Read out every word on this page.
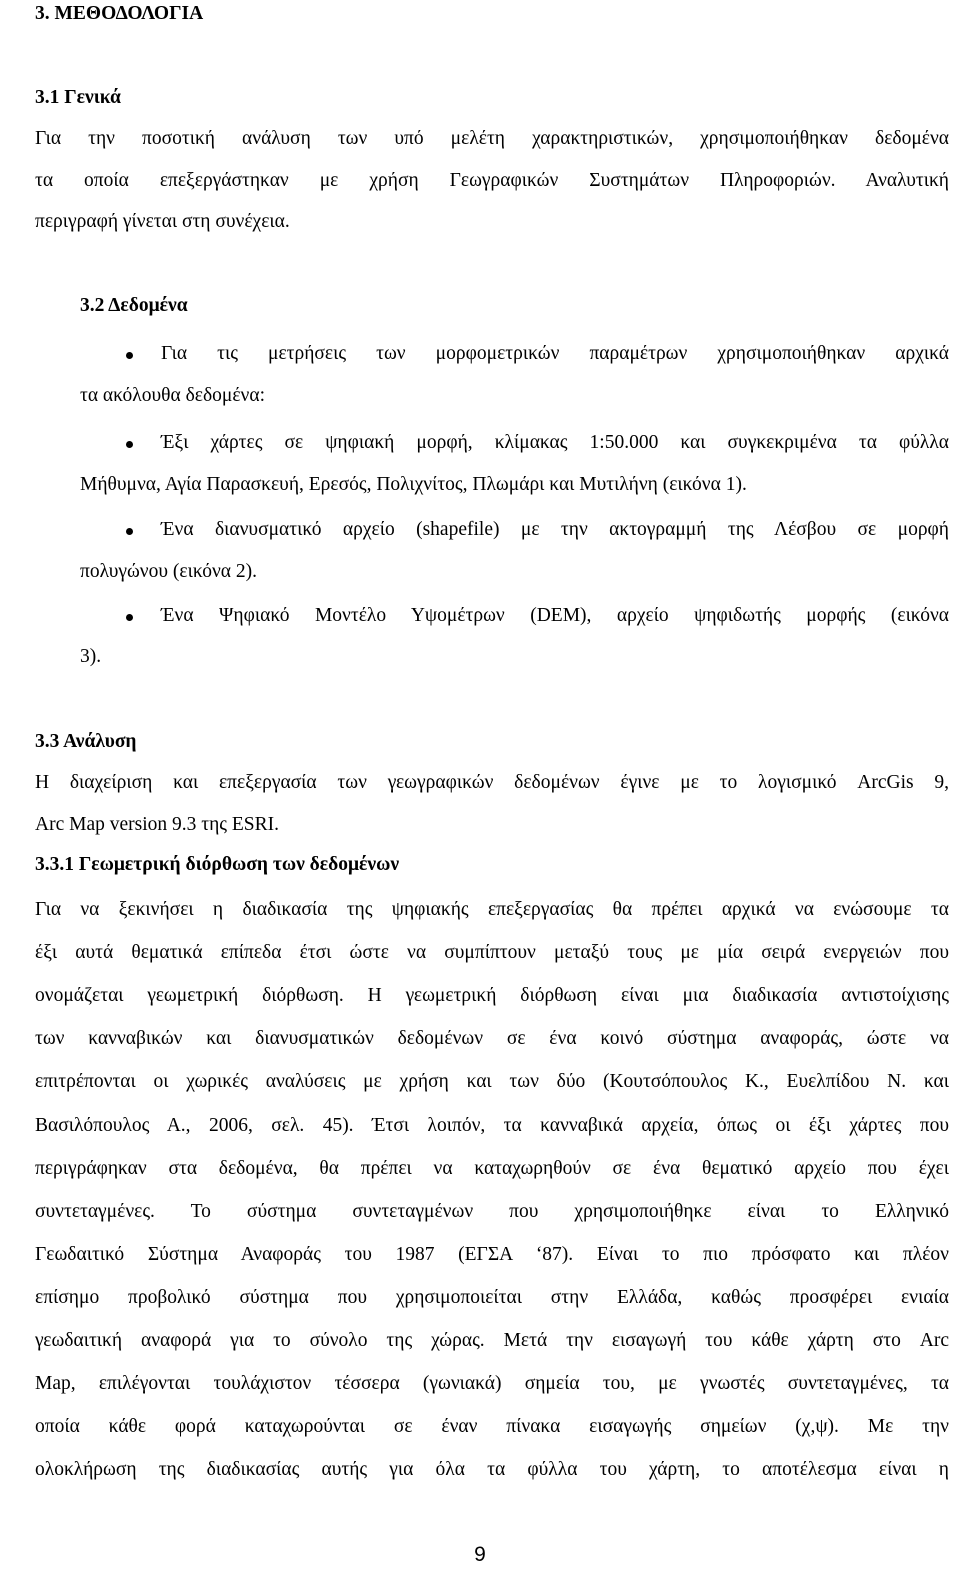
3. ΜΕΘΟΔΟΛΟΓΙΑ
3.1 Γενικά
Για την ποσοτική ανάλυση των υπό μελέτη χαρακτηριστικών, χρησιμοποιήθηκαν δεδομένα
τα οποία επεξεργάστηκαν με χρήση Γεωγραφικών Συστημάτων Πληροφοριών. Αναλυτική
περιγραφή γίνεται στη συνέχεια.
3.2 Δεδομένα
Για τις μετρήσεις των μορφομετρικών παραμέτρων χρησιμοποιήθηκαν αρχικά
τα ακόλουθα δεδομένα:
Έξι χάρτες σε ψηφιακή μορφή, κλίμακας 1:50.000 και συγκεκριμένα τα φύλλα
Μήθυμνα, Αγία Παρασκευή, Ερεσός, Πολιχνίτος, Πλωμάρι και Μυτιλήνη (εικόνα 1).
Ένα διανυσματικό αρχείο (shapefile) με την ακτογραμμή της Λέσβου σε μορφή
πολυγώνου (εικόνα 2).
Ένα Ψηφιακό Μοντέλο Υψομέτρων (DEM), αρχείο ψηφιδωτής μορφής (εικόνα
3).
3.3 Ανάλυση
Η διαχείριση και επεξεργασία των γεωγραφικών δεδομένων έγινε με το λογισμικό ArcGis 9,
Arc Map version 9.3 της ESRI.
3.3.1 Γεωμετρική διόρθωση των δεδομένων
Για να ξεκινήσει η διαδικασία της ψηφιακής επεξεργασίας θα πρέπει αρχικά να ενώσουμε τα
έξι αυτά θεματικά επίπεδα έτσι ώστε να συμπίπτουν μεταξύ τους με μία σειρά ενεργειών που
ονομάζεται γεωμετρική διόρθωση. Η γεωμετρική διόρθωση είναι μια διαδικασία αντιστοίχισης
των κανναβικών και διανυσματικών δεδομένων σε ένα κοινό σύστημα αναφοράς, ώστε να
επιτρέπονται οι χωρικές αναλύσεις με χρήση και των δύο (Κουτσόπουλος Κ., Ευελπίδου Ν. και
Βασιλόπουλος Α., 2006, σελ. 45). Έτσι λοιπόν, τα κανναβικά αρχεία, όπως οι έξι χάρτες που
περιγράφηκαν στα δεδομένα, θα πρέπει να καταχωρηθούν σε ένα θεματικό αρχείο που έχει
συντεταγμένες. Το σύστημα συντεταγμένων που χρησιμοποιήθηκε είναι το Ελληνικό
Γεωδαιτικό Σύστημα Αναφοράς του 1987 (ΕΓΣΑ ‘87). Είναι το πιο πρόσφατο και πλέον
επίσημο προβολικό σύστημα που χρησιμοποιείται στην Ελλάδα, καθώς προσφέρει ενιαία
γεωδαιτική αναφορά για το σύνολο της χώρας. Μετά την εισαγωγή του κάθε χάρτη στο Arc
Map, επιλέγονται τουλάχιστον τέσσερα (γωνιακά) σημεία του, με γνωστές συντεταγμένες, τα
οποία κάθε φορά καταχωρούνται σε έναν πίνακα εισαγωγής σημείων (χ,ψ). Με την
ολοκλήρωση της διαδικασίας αυτής για όλα τα φύλλα του χάρτη, το αποτέλεσμα είναι η
9
